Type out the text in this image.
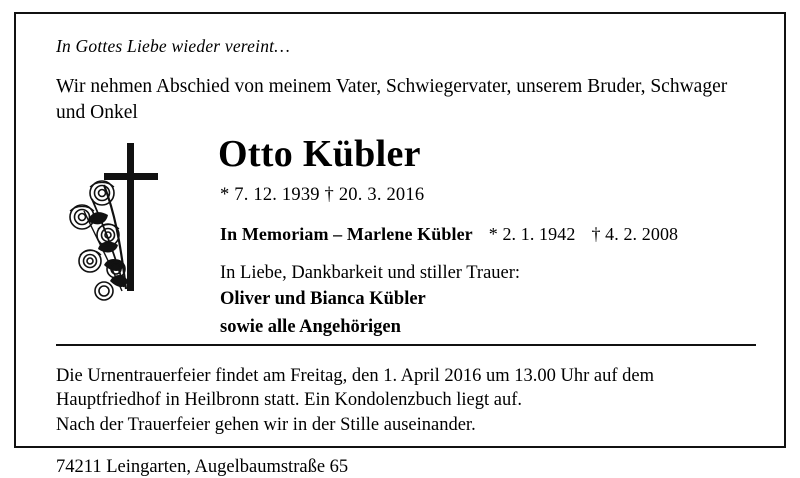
In Gottes Liebe wieder vereint…

Wir nehmen Abschied von meinem Vater, Schwiegervater, unserem Bruder, Schwager und Onkel

Otto Kübler

* 7. 12. 1939 † 20. 3. 2016

In Memoriam – Marlene Kübler * 2. 1. 1942 † 4. 2. 2008

In Liebe, Dankbarkeit und stiller Trauer:

Oliver und Bianca Kübler

sowie alle Angehörigen

Die Urnentrauerfeier findet am Freitag, den 1. April 2016 um 13.00 Uhr auf dem
Hauptfriedhof in Heilbronn statt. Ein Kondolenzbuch liegt auf.
Nach der Trauerfeier gehen wir in der Stille auseinander.

74211 Leingarten, Augelbaumstraße 65
